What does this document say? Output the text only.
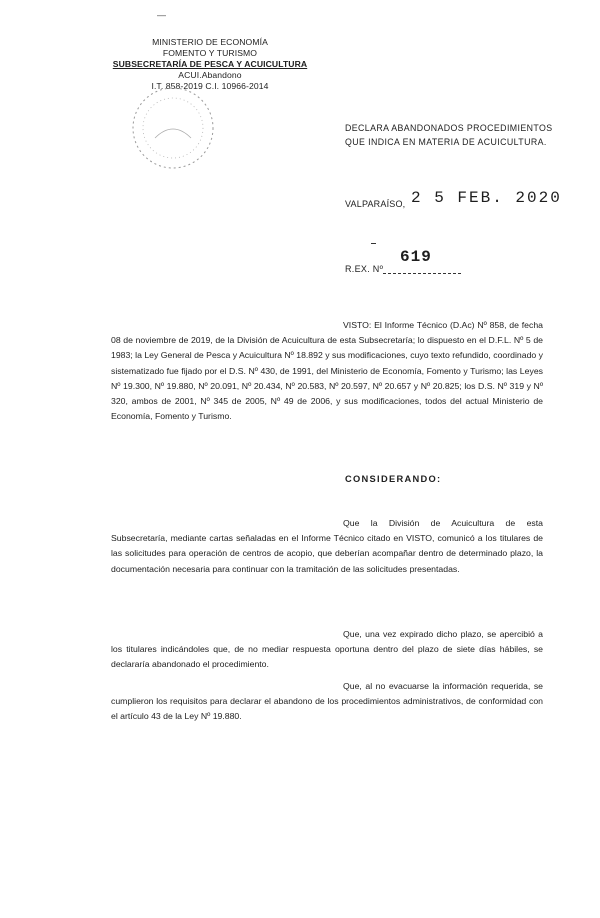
—
MINISTERIO DE ECONOMÍA
FOMENTO Y TURISMO
SUBSECRETARÍA DE PESCA Y ACUICULTURA
ACUI.Abandono
I.T. 858-2019 C.I. 10966-2014
DECLARA ABANDONADOS PROCEDIMIENTOS
QUE INDICA EN MATERIA DE ACUICULTURA.
VALPARAÍSO, 2 5 FEB. 2020
619
R.EX. Nº

VISTO: El Informe Técnico (D.Ac) Nº 858, de fecha 08 de noviembre de 2019, de la División de Acuicultura de esta Subsecretaría; lo dispuesto en el D.F.L. Nº 5 de 1983; la Ley General de Pesca y Acuicultura Nº 18.892 y sus modificaciones, cuyo texto refundido, coordinado y sistematizado fue fijado por el D.S. Nº 430, de 1991, del Ministerio de Economía, Fomento y Turismo; las Leyes Nº 19.300, Nº 19.880, Nº 20.091, Nº 20.434, Nº 20.583, Nº 20.597, Nº 20.657 y Nº 20.825; los D.S. Nº 319 y Nº 320, ambos de 2001, Nº 345 de 2005, Nº 49 de 2006, y sus modificaciones, todos del actual Ministerio de Economía, Fomento y Turismo.

CONSIDERANDO:

Que la División de Acuicultura de esta Subsecretaría, mediante cartas señaladas en el Informe Técnico citado en VISTO, comunicó a los titulares de las solicitudes para operación de centros de acopio, que deberían acompañar dentro de determinado plazo, la documentación necesaria para continuar con la tramitación de las solicitudes presentadas.

Que, una vez expirado dicho plazo, se apercibió a los titulares indicándoles que, de no mediar respuesta oportuna dentro del plazo de siete días hábiles, se declararía abandonado el procedimiento.

Que, al no evacuarse la información requerida, se cumplieron los requisitos para declarar el abandono de los procedimientos administrativos, de conformidad con el artículo 43 de la Ley Nº 19.880.
